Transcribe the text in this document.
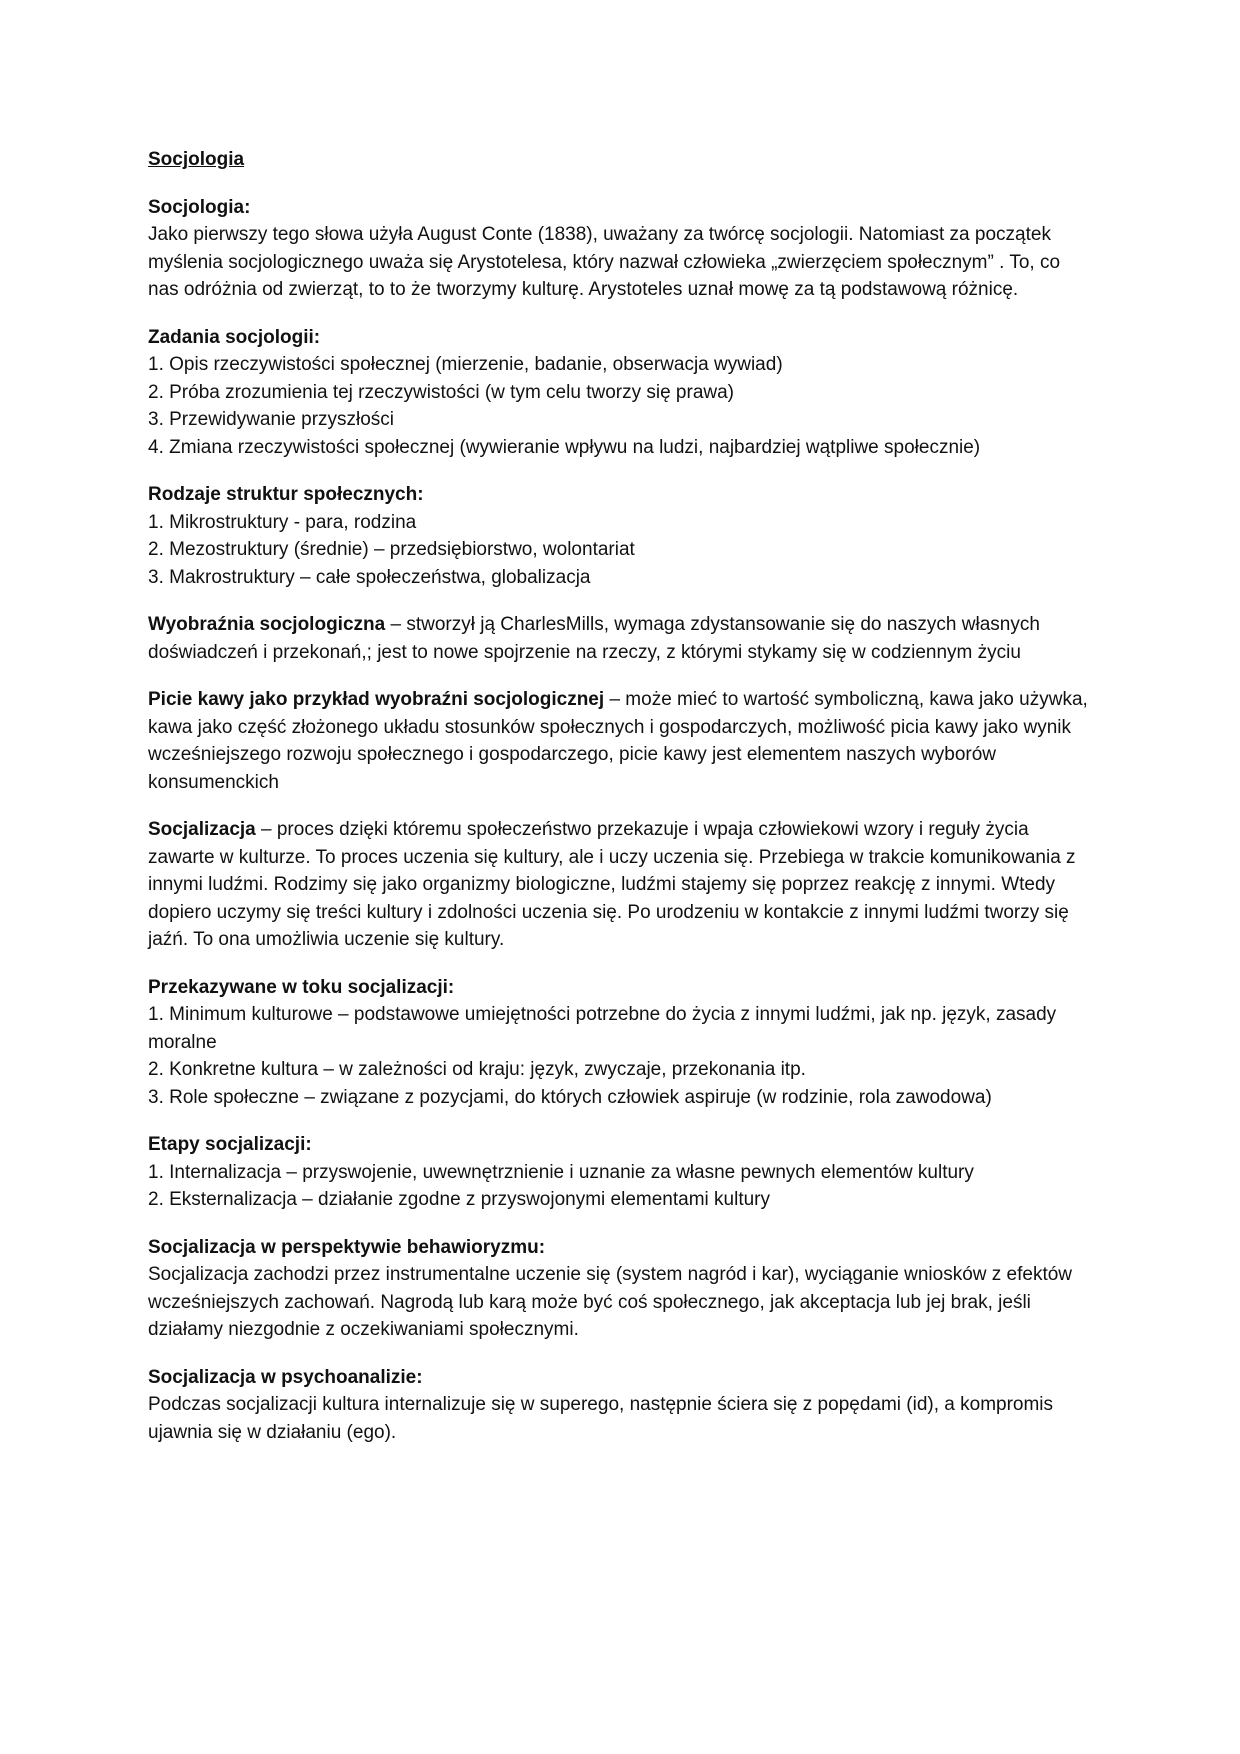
Socjologia
Socjologia:
Jako pierwszy tego słowa użyła August Conte (1838), uważany za twórcę socjologii. Natomiast za początek myślenia socjologicznego uważa się Arystotelesa, który nazwał człowieka „zwierzęciem społecznym” . To, co nas odróżnia od zwierząt, to to że tworzymy kulturę. Arystoteles uznał mowę za tą podstawową różnicę.
Zadania socjologii:
1. Opis rzeczywistości społecznej (mierzenie, badanie, obserwacja wywiad)
2. Próba zrozumienia tej rzeczywistości (w tym celu tworzy się prawa)
3. Przewidywanie przyszłości
4. Zmiana rzeczywistości społecznej (wywieranie wpływu na ludzi, najbardziej wątpliwe społecznie)
Rodzaje struktur społecznych:
1. Mikrostruktury - para, rodzina
2. Mezostruktury (średnie) – przedsiębiorstwo, wolontariat
3. Makrostruktury – całe społeczeństwa, globalizacja
Wyobraźnia socjologiczna – stworzył ją CharlesMills, wymaga zdystansowanie się do naszych własnych doświadczeń i przekonań,; jest to nowe spojrzenie na rzeczy, z którymi stykamy się w codziennym życiu
Picie kawy jako przykład wyobraźni socjologicznej – może mieć to wartość symboliczną, kawa jako używka, kawa jako część złożonego układu stosunków społecznych i gospodarczych, możliwość picia kawy jako wynik wcześniejszego rozwoju społecznego i gospodarczego, picie kawy jest elementem naszych wyborów konsumenckich
Socjalizacja – proces dzięki któremu społeczeństwo przekazuje i wpaja człowiekowi wzory i reguły życia zawarte w kulturze. To proces uczenia się kultury, ale i uczy uczenia się. Przebiega w trakcie komunikowania z innymi ludźmi. Rodzimy się jako organizmy biologiczne, ludźmi stajemy się poprzez reakcję z innymi. Wtedy dopiero uczymy się treści kultury i zdolności uczenia się. Po urodzeniu w kontakcie z innymi ludźmi tworzy się jaźń. To ona umożliwia uczenie się kultury.
Przekazywane w toku socjalizacji:
1. Minimum kulturowe – podstawowe umiejętności potrzebne do życia z innymi ludźmi, jak np. język, zasady moralne
2. Konkretne kultura – w zależności od kraju: język, zwyczaje, przekonania itp.
3. Role społeczne – związane z pozycjami, do których człowiek aspiruje (w rodzinie, rola zawodowa)
Etapy socjalizacji:
1. Internalizacja – przyswojenie, uwewnętrznienie i uznanie za własne pewnych elementów kultury
2. Eksternalizacja – działanie zgodne z przyswojonymi elementami kultury
Socjalizacja w perspektywie behawioryzmu:
Socjalizacja zachodzi przez instrumentalne uczenie się (system nagród i kar), wyciąganie wniosków z efektów wcześniejszych zachowań. Nagrodą lub karą może być coś społecznego, jak akceptacja lub jej brak, jeśli działamy niezgodnie z oczekiwaniami społecznymi.
Socjalizacja w psychoanalizie:
Podczas socjalizacji kultura internalizuje się w superego, następnie ściera się z popędami (id), a kompromis ujawnia się w działaniu (ego).
